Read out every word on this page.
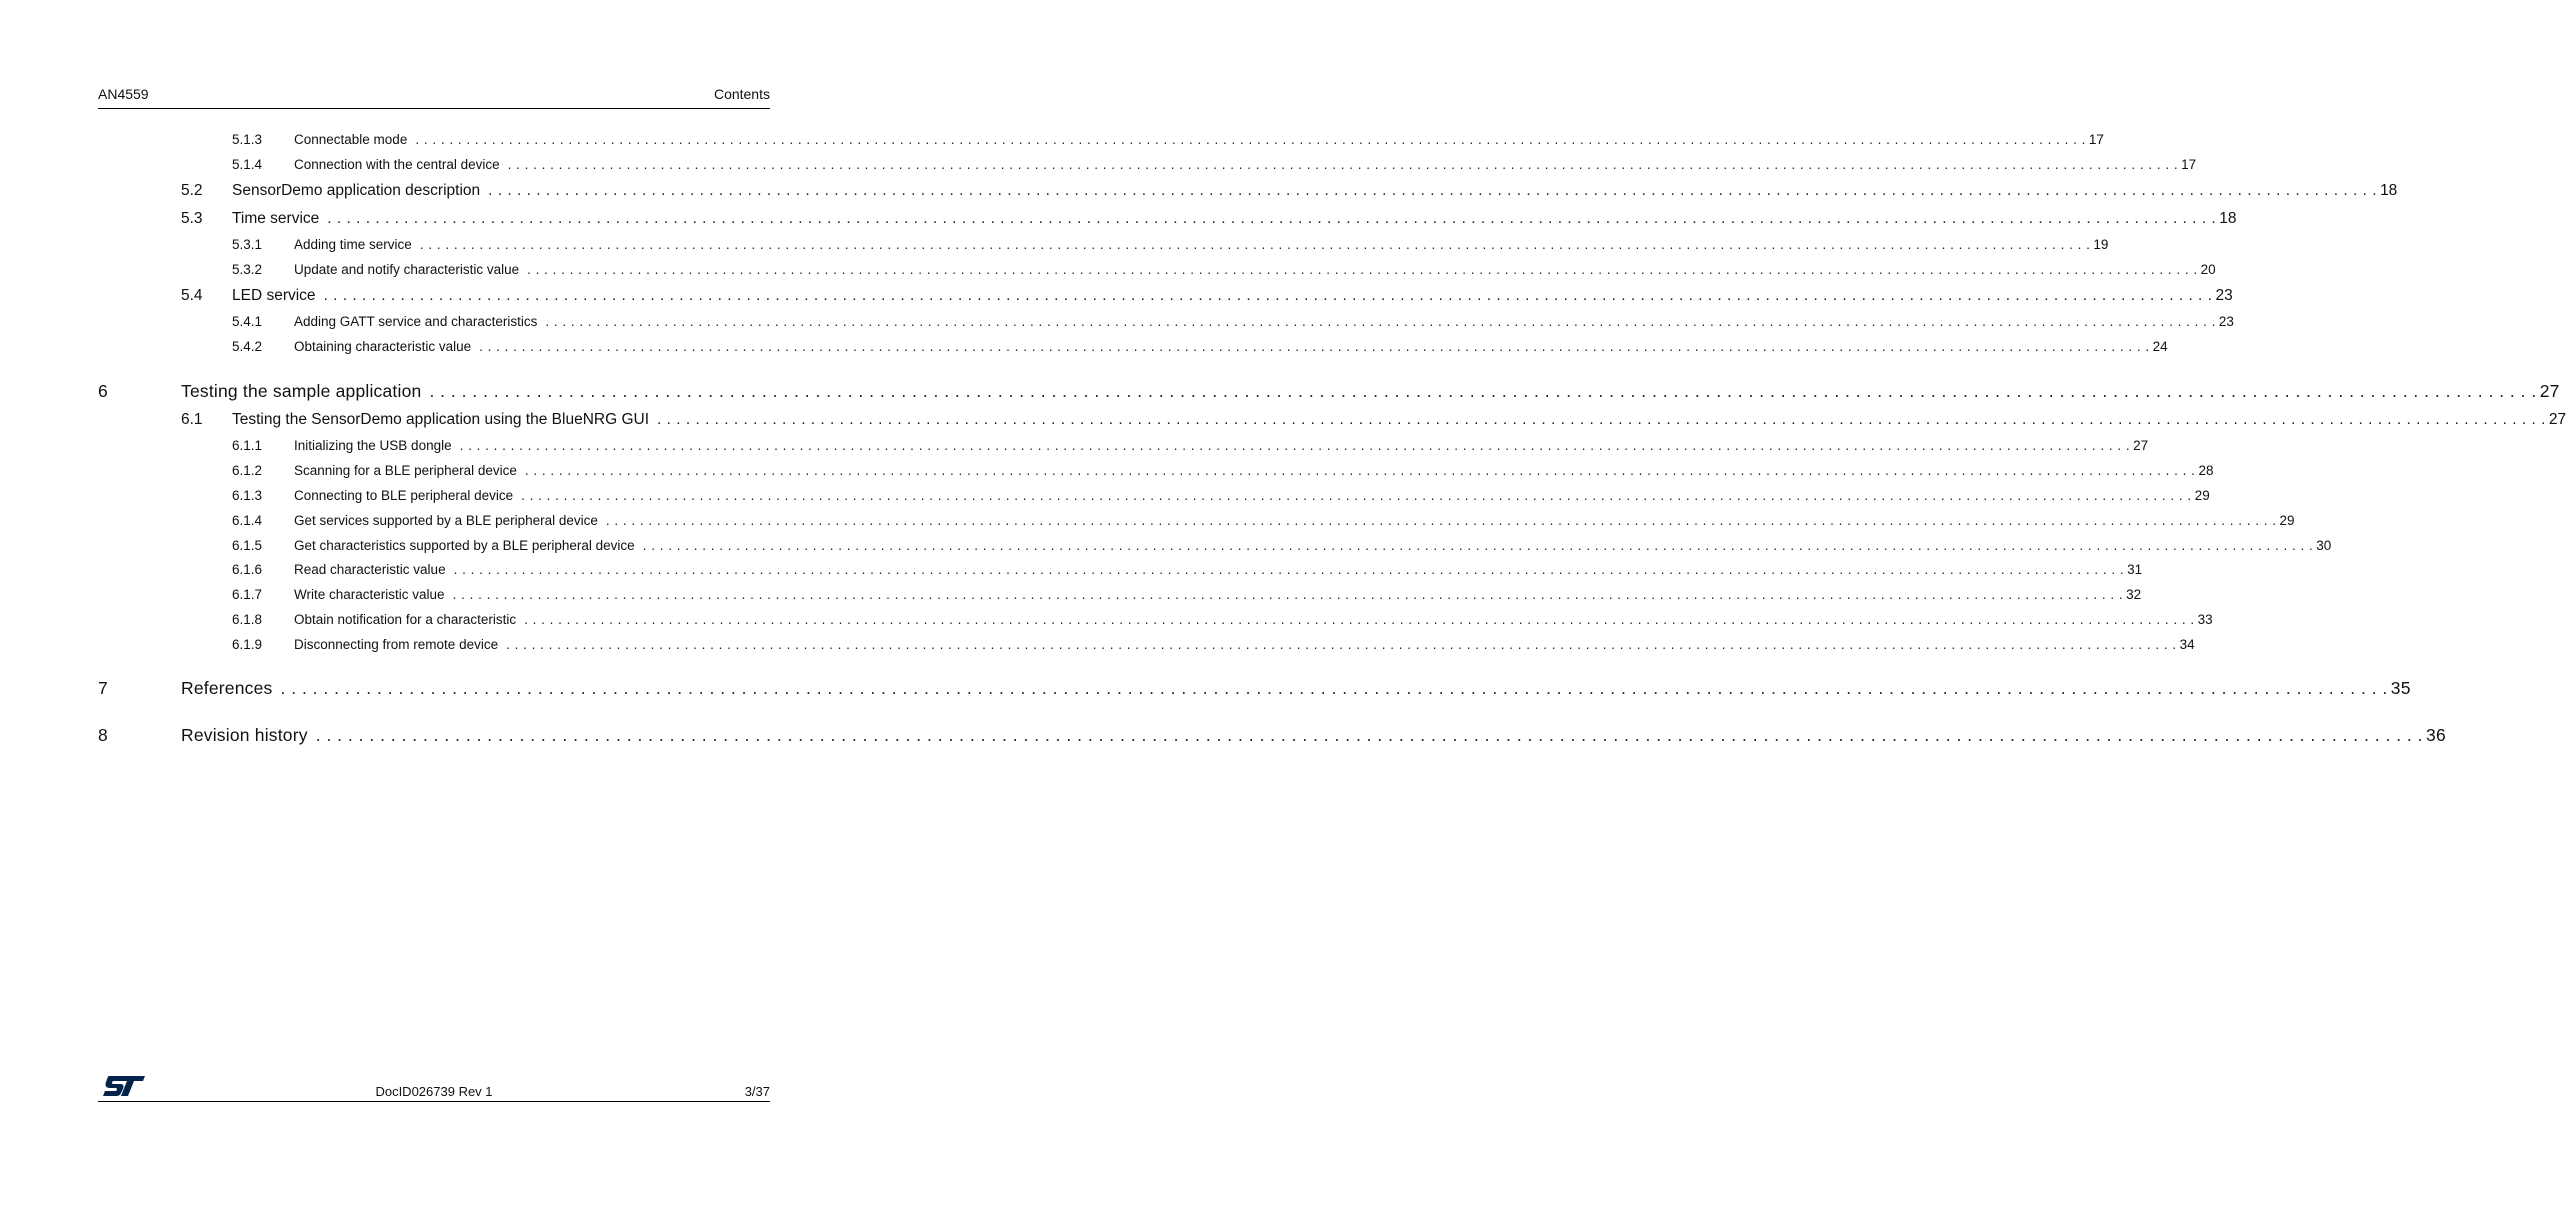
AN4559	Contents
5.1.3 Connectable mode . . .	17
5.1.4 Connection with the central device . . .	17
5.2 SensorDemo application description . . .	18
5.3 Time service . . .	18
5.3.1 Adding time service . . .	19
5.3.2 Update and notify characteristic value . . .	20
5.4 LED service . . .	23
5.4.1 Adding GATT service and characteristics . . .	23
5.4.2 Obtaining characteristic value . . .	24
6	Testing the sample application . . .	27
6.1 Testing the SensorDemo application using the BlueNRG GUI . . .	27
6.1.1 Initializing the USB dongle . . .	27
6.1.2 Scanning for a BLE peripheral device . . .	28
6.1.3 Connecting to BLE peripheral device . . .	29
6.1.4 Get services supported by a BLE peripheral device . . .	29
6.1.5 Get characteristics supported by a BLE peripheral device . . .	30
6.1.6 Read characteristic value . . .	31
6.1.7 Write characteristic value . . .	32
6.1.8 Obtain notification for a characteristic . . .	33
6.1.9 Disconnecting from remote device . . .	34
7	References . . .	35
8	Revision history . . .	36
DocID026739 Rev 1	3/37
